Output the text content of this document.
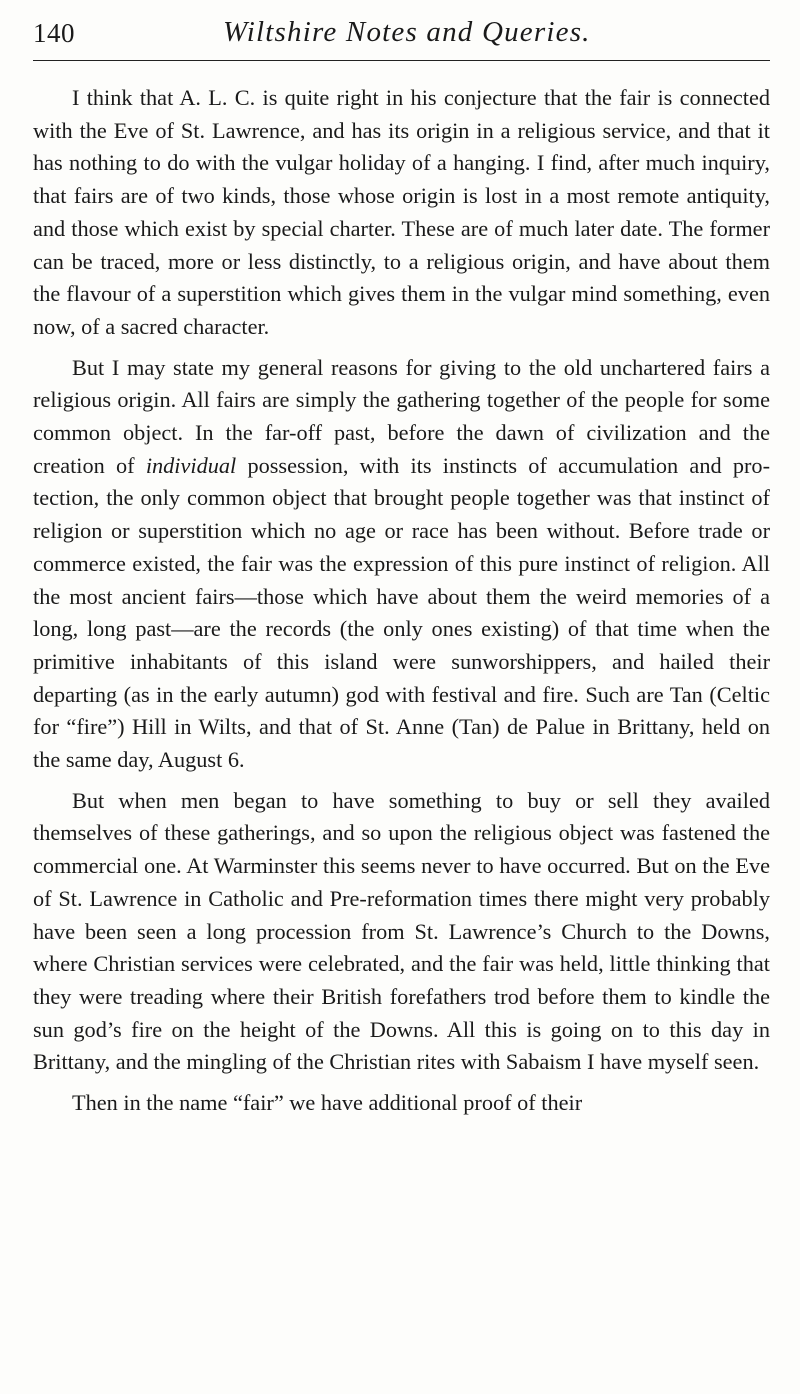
140	Wiltshire Notes and Queries.

I think that A. L. C. is quite right in his conjecture that the fair is connected with the Eve of St. Lawrence, and has its origin in a religious service, and that it has nothing to do with the vulgar holiday of a hanging. I find, after much inquiry, that fairs are of two kinds, those whose origin is lost in a most remote antiquity, and those which exist by special charter. These are of much later date. The former can be traced, more or less distinctly, to a religious origin, and have about them the flavour of a superstition which gives them in the vulgar mind something, even now, of a sacred character.

But I may state my general reasons for giving to the old unchartered fairs a religious origin. All fairs are simply the gathering together of the people for some common object. In the far-off past, before the dawn of civilization and the creation of individual possession, with its instincts of accumulation and protection, the only common object that brought people together was that instinct of religion or superstition which no age or race has been without. Before trade or commerce existed, the fair was the expression of this pure instinct of religion. All the most ancient fairs—those which have about them the weird memories of a long, long past—are the records (the only ones existing) of that time when the primitive inhabitants of this island were sunworshippers, and hailed their departing (as in the early autumn) god with festival and fire. Such are Tan (Celtic for “fire”) Hill in Wilts, and that of St. Anne (Tan) de Palue in Brittany, held on the same day, August 6.

But when men began to have something to buy or sell they availed themselves of these gatherings, and so upon the religious object was fastened the commercial one. At Warminster this seems never to have occurred. But on the Eve of St. Lawrence in Catholic and Pre-reformation times there might very probably have been seen a long procession from St. Lawrence’s Church to the Downs, where Christian services were celebrated, and the fair was held, little thinking that they were treading where their British forefathers trod before them to kindle the sun god’s fire on the height of the Downs. All this is going on to this day in Brittany, and the mingling of the Christian rites with Sabaism I have myself seen.

Then in the name “fair” we have additional proof of their
